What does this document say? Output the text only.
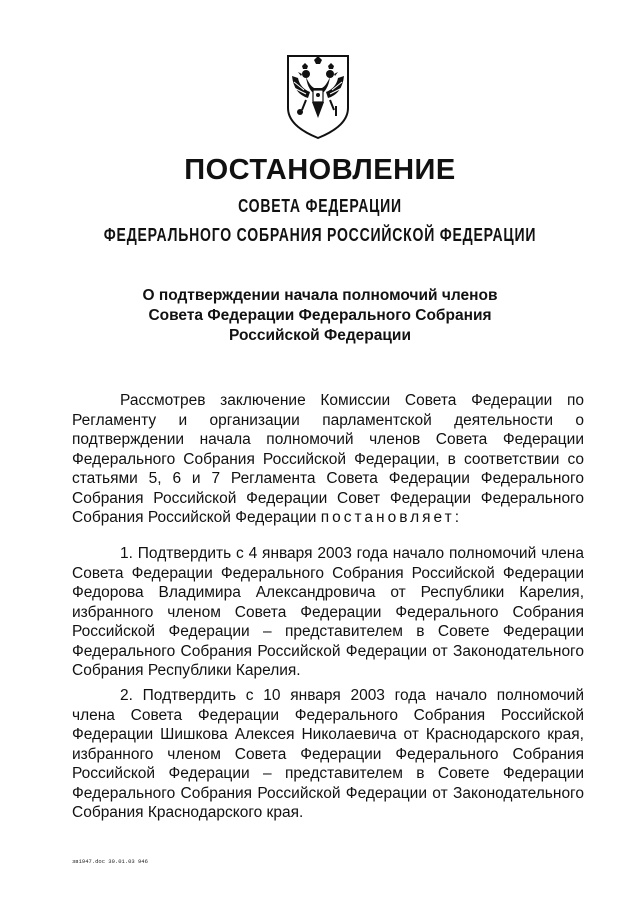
ПОСТАНОВЛЕНИЕ
СОВЕТА ФЕДЕРАЦИИ
ФЕДЕРАЛЬНОГО СОБРАНИЯ РОССИЙСКОЙ ФЕДЕРАЦИИ
О подтверждении начала полномочий членов
Совета Федерации Федерального Собрания
Российской Федерации

Рассмотрев заключение Комиссии Совета Федерации по Регламенту и организации парламентской деятельности о подтверждении начала полномочий членов Совета Федерации Федерального Собрания Российской Федерации, в соответствии со статьями 5, 6 и 7 Регламента Совета Федерации Федерального Собрания Российской Федерации Совет Федерации Федерального Собрания Российской Федерации постановляет:

1. Подтвердить с 4 января 2003 года начало полномочий члена Совета Федерации Федерального Собрания Российской Федерации Федорова Владимира Александровича от Республики Карелия, избранного членом Совета Федерации Федерального Собрания Российской Федерации – представителем в Совете Федерации Федерального Собрания Российской Федерации от Законодательного Собрания Республики Карелия.

2. Подтвердить с 10 января 2003 года начало полномочий члена Совета Федерации Федерального Собрания Российской Федерации Шишкова Алексея Николаевича от Краснодарского края, избранного членом Совета Федерации Федерального Собрания Российской Федерации – представителем в Совете Федерации Федерального Собрания Российской Федерации от Законодательного Собрания Краснодарского края.

зв1947.doc 30.01.03 946
